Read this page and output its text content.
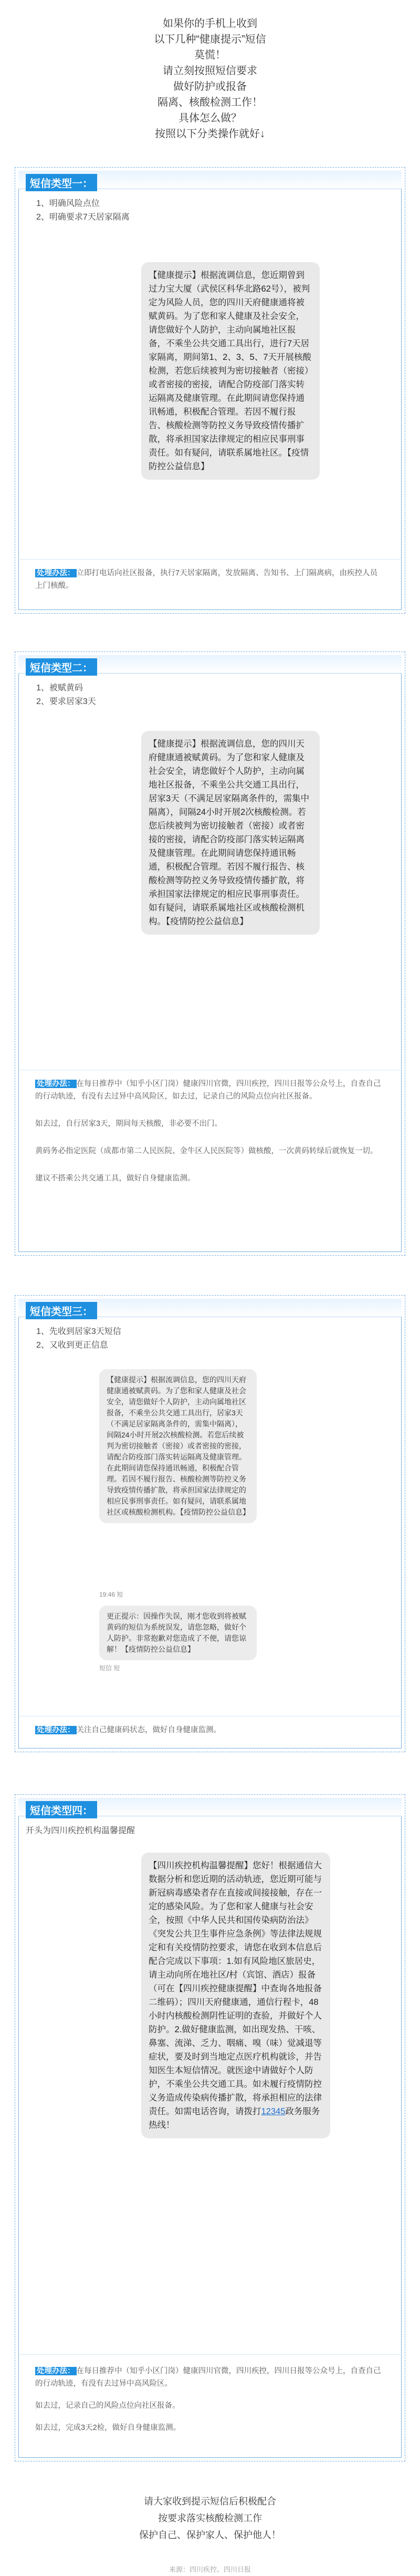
如果你的手机上收到

以下几种“健康提示”短信

莫慌！

请立刻按照短信要求

做好防护或报备

隔离、核酸检测工作！

具体怎么做？

按照以下分类操作就好↓

短信类型一：
1、明确风险点位
2、明确要求7天居家隔离
【健康提示】根据流调信息，您近期曾到过力宝大厦（武侯区科华北路62号），被判定为风险人员，您的四川天府健康通将被赋黄码。为了您和家人健康及社会安全，请您做好个人防护，主动向属地社区报备，不乘坐公共交通工具出行，进行7天居家隔离，期间第1、2、3、5、7天开展核酸检测，若您后续被判为密切接触者（密接）或者密接的密接，请配合防疫部门落实转运隔离及健康管理。在此期间请您保持通讯畅通，积极配合管理。若因不履行报告、核酸检测等防控义务导致疫情传播扩散，将承担国家法律规定的相应民事刑事责任。如有疑问，请联系属地社区。【疫情防控公益信息】
处理办法： 立即打电话向社区报备，执行7天居家隔离，发放隔离、告知书、上门隔离病，由疾控人员上门核酸。
短信类型二：
1、被赋黄码
2、要求居家3天
【健康提示】根据流调信息，您的四川天府健康通被赋黄码。为了您和家人健康及社会安全，请您做好个人防护，主动向属地社区报备，不乘坐公共交通工具出行，居家3天（不满足居家隔离条件的，需集中隔离），间隔24小时开展2次核酸检测。若您后续被判为密切接触者（密接）或者密接的密接，请配合防疫部门落实转运隔离及健康管理。在此期间请您保持通讯畅通，积极配合管理。若因不履行报告、核酸检测等防控义务导致疫情传播扩散，将承担国家法律规定的相应民事刑事责任。如有疑问，请联系属地社区或核酸检测机构。【疫情防控公益信息】
处理办法： 在每日推荐中（知乎小区门岗）健康四川官微，四川疾控，四川日报等公众号上，自查自己的行动轨迹，有没有去过异中高风险区，如去过，记录自己的风险点位向社区报备。
如去过，自行居家3天，期间每天核酸，非必要不出门。
黄码务必指定医院（成都市第二人民医院、金牛区人民医院等）做核酸，一次黄码转绿后就恢复一切。
建议不搭乘公共交通工具，做好自身健康监测。
短信类型三：
1、先收到居家3天短信
2、又收到更正信息
【健康提示】根据流调信息，您的四川天府健康通被赋黄码。为了您和家人健康及社会安全，请您做好个人防护，主动向属地社区报备，不乘坐公共交通工具出行，居家3天（不满足居家隔离条件的，需集中隔离），间隔24小时开展2次核酸检测。若您后续被判为密切接触者（密接）或者密接的密接，请配合防疫部门落实转运隔离及健康管理。在此期间请您保持通讯畅通，积极配合管理。若因不履行报告、核酸检测等防控义务导致疫情传播扩散，将承担国家法律规定的相应民事刑事责任。如有疑问，请联系属地社区或核酸检测机构。【疫情防控公益信息】
19:46 短
更正提示：因操作失误，刚才您收到将被赋黄码的短信为系统误发，请您忽略，做好个人防护。非常抱歉对您造成了不便，请您谅解！【疫情防控公益信息】
短信 短
处理办法： 关注自己健康码状态，做好自身健康监测。
短信类型四：
开头为四川疾控机构温馨提醒
【四川疾控机构温馨提醒】您好！根据通信大数据分析和您近期的活动轨迹，您近期可能与新冠病毒感染者存在直接或间接接触，存在一定的感染风险。为了您和家人健康与社会安全，按照《中华人民共和国传染病防治法》《突发公共卫生事件应急条例》等法律法规规定和有关疫情防控要求，请您在收到本信息后配合完成以下事项：1.如有风险地区旅居史，请主动向所在地社区/村（宾馆、酒店）报备（可在【四川疾控健康提醒】中查询各地报备二维码）；四川天府健康通，通信行程卡，48小时内核酸检测阴性证明的查验，并做好个人防护。2.做好健康监测，如出现发热、干咳、鼻塞、流涕、乏力、咽痛、嗅（味）觉减退等症状，要及时到当地定点医疗机构就诊，并告知医生本短信情况。就医途中请做好个人防护，不乘坐公共交通工具。如未履行疫情防控义务造成传染病传播扩散，将承担相应的法律责任。如需电话咨询，请拨打12345政务服务热线！
处理办法： 在每日推荐中（知乎小区门岗）健康四川官微，四川疾控，四川日报等公众号上，自查自己的行动轨迹，有没有去过异中高风险区。
如去过，记录自己的风险点位向社区报备。
如去过，完成3天2检，做好自身健康监测。

请大家收到提示短信后积极配合

按要求落实核酸检测工作

保护自己、保护家人、保护他人！

来源：四川疾控、四川日报
